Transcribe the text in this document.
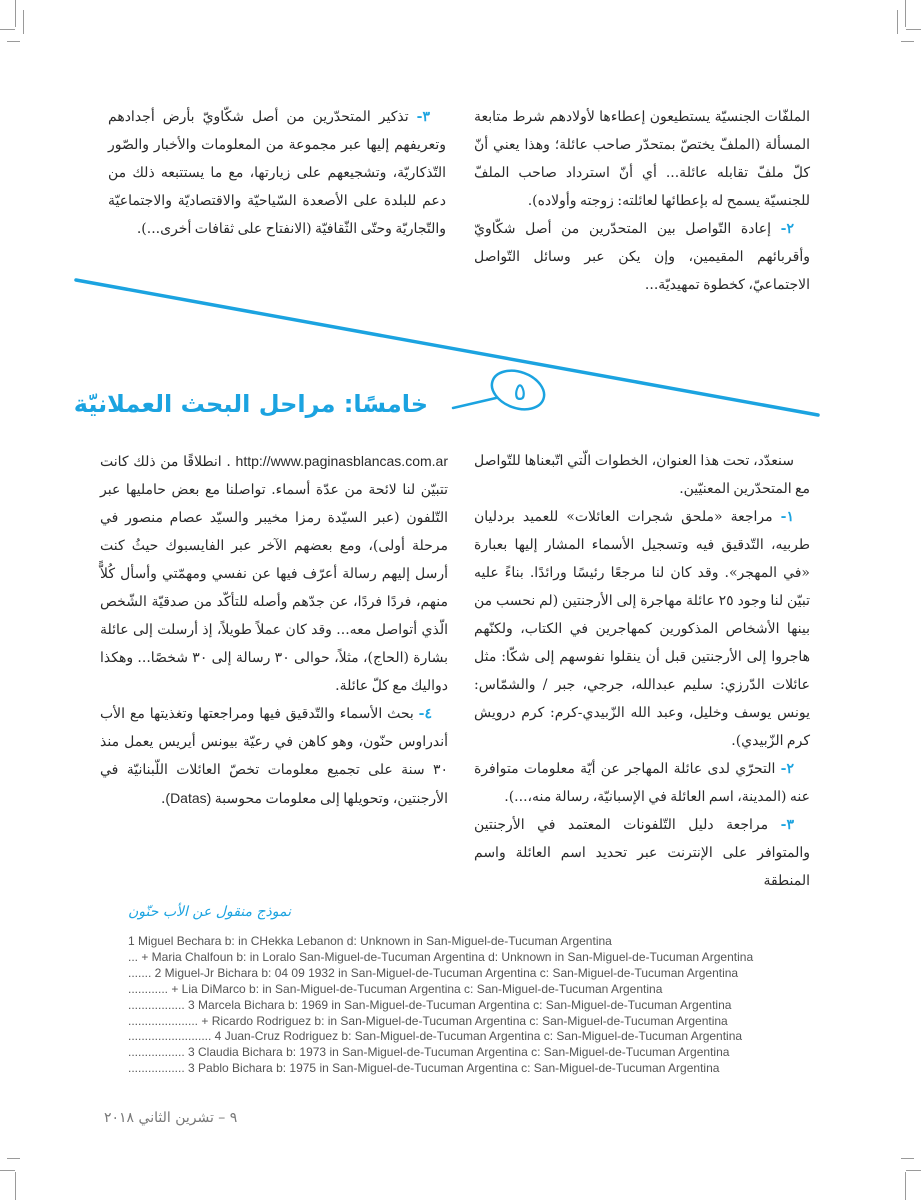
٥

الملفّات الجنسيّة يستطيعون إعطاءها لأولادهم شرط متابعة المسألة (الملفّ يختصّ بمتحدّر صاحب عائلة؛ وهذا يعني أنّ كلّ ملفّ تقابله عائلة... أي أنّ استرداد صاحب الملفّ للجنسيّة يسمح له بإعطائها لعائلته: زوجته وأولاده).

٢- إعادة التّواصل بين المتحدّرين من أصل شكّاويّ وأقربائهم المقيمين، وإن يكن عبر وسائل التّواصل الاجتماعيّ، كخطوة تمهيديّة...

٣- تذكير المتحدّرين من أصل شكّاويّ بأرض أجدادهم وتعريفهم إليها عبر مجموعة من المعلومات والأخبار والصّور التّذكاريّة، وتشجيعهم على زيارتها، مع ما يستتبعه ذلك من دعم للبلدة على الأصعدة السّياحيّة والاقتصاديّة والاجتماعيّة والتّجاريّة وحتّى الثّقافيّة (الانفتاح على ثقافات أخرى...).

خامسًا: مراحل البحث العملانيّة

سنعدّد، تحت هذا العنوان، الخطوات الّتي اتّبعناها للتّواصل مع المتحدّرين المعنيّين.

١- مراجعة «ملحق شجرات العائلات» للعميد بردليان طربيه، التّدقيق فيه وتسجيل الأسماء المشار إليها بعبارة «في المهجر». وقد كان لنا مرجعًا رئيسًا ورائدًا. بناءً عليه تبيّن لنا وجود ٢٥ عائلة مهاجرة إلى الأرجنتين (لم نحسب من بينها الأشخاص المذكورين كمهاجرين في الكتاب، ولكنّهم هاجروا إلى الأرجنتين قبل أن ينقلوا نفوسهم إلى شكّا: مثل عائلات الدّرزي: سليم عبدالله، جرجي، جبر / والشمّاس: يونس يوسف وخليل، وعبد الله الزّبيدي-كرم: كرم درويش كرم الزّبيدي).

٢- التحرّي لدى عائلة المهاجر عن أيّة معلومات متوافرة عنه (المدينة، اسم العائلة في الإسبانيّة، رسالة منه،...).

٣- مراجعة دليل التّلفونات المعتمد في الأرجنتين والمتوافر على الإنترنت عبر تحديد اسم العائلة واسم المنطقة

http://www.paginasblancas.com.ar . انطلاقًا من ذلك كانت تتبيّن لنا لائحة من عدّة أسماء. تواصلنا مع بعض حامليها عبر التّلفون (عبر السيّدة رمزا مخيبر والسيّد عصام منصور في مرحلة أولى)، ومع بعضهم الآخر عبر الفايسبوك حيثُ كنت أرسل إليهم رسالة أعرّف فيها عن نفسي ومهمّتي وأسأل كُلاًّ منهم، فردًا فردًا، عن جدّهم وأصله للتأكّد من صدقيّة الشّخص الّذي أتواصل معه... وقد كان عملاً طويلاً، إذ أرسلت إلى عائلة بشارة (الحاج)، مثلاً، حوالى ٣٠ رسالة إلى ٣٠ شخصًا... وهكذا دواليك مع كلّ عائلة.

٤- بحث الأسماء والتّدقيق فيها ومراجعتها وتغذيتها مع الأب أندراوس حنّون، وهو كاهن في رعيّة بيونس أيريس يعمل منذ ٣٠ سنة على تجميع معلومات تخصّ العائلات اللّبنانيّة في الأرجنتين، وتحويلها إلى معلومات محوسبة (Datas).

نموذج منقول عن الأب حنّون
1 Miguel Bechara b: in CHekka Lebanon d: Unknown in San-Miguel-de-Tucuman Argentina
... + Maria Chalfoun b: in Loralo San-Miguel-de-Tucuman Argentina d: Unknown in San-Miguel-de-Tucuman Argentina
....... 2 Miguel-Jr Bichara b: 04 09 1932 in San-Miguel-de-Tucuman Argentina c: San-Miguel-de-Tucuman Argentina
............ + Lia DiMarco b: in San-Miguel-de-Tucuman Argentina c: San-Miguel-de-Tucuman Argentina
................. 3 Marcela Bichara b: 1969 in San-Miguel-de-Tucuman Argentina c: San-Miguel-de-Tucuman Argentina
..................... + Ricardo Rodriguez b: in San-Miguel-de-Tucuman Argentina c: San-Miguel-de-Tucuman Argentina
......................... 4 Juan-Cruz Rodriguez b: San-Miguel-de-Tucuman Argentina c: San-Miguel-de-Tucuman Argentina
................. 3 Claudia Bichara b: 1973 in San-Miguel-de-Tucuman Argentina c: San-Miguel-de-Tucuman Argentina
................. 3 Pablo Bichara b: 1975 in San-Miguel-de-Tucuman Argentina c: San-Miguel-de-Tucuman Argentina
٩ – تشرين الثاني ٢٠١٨
